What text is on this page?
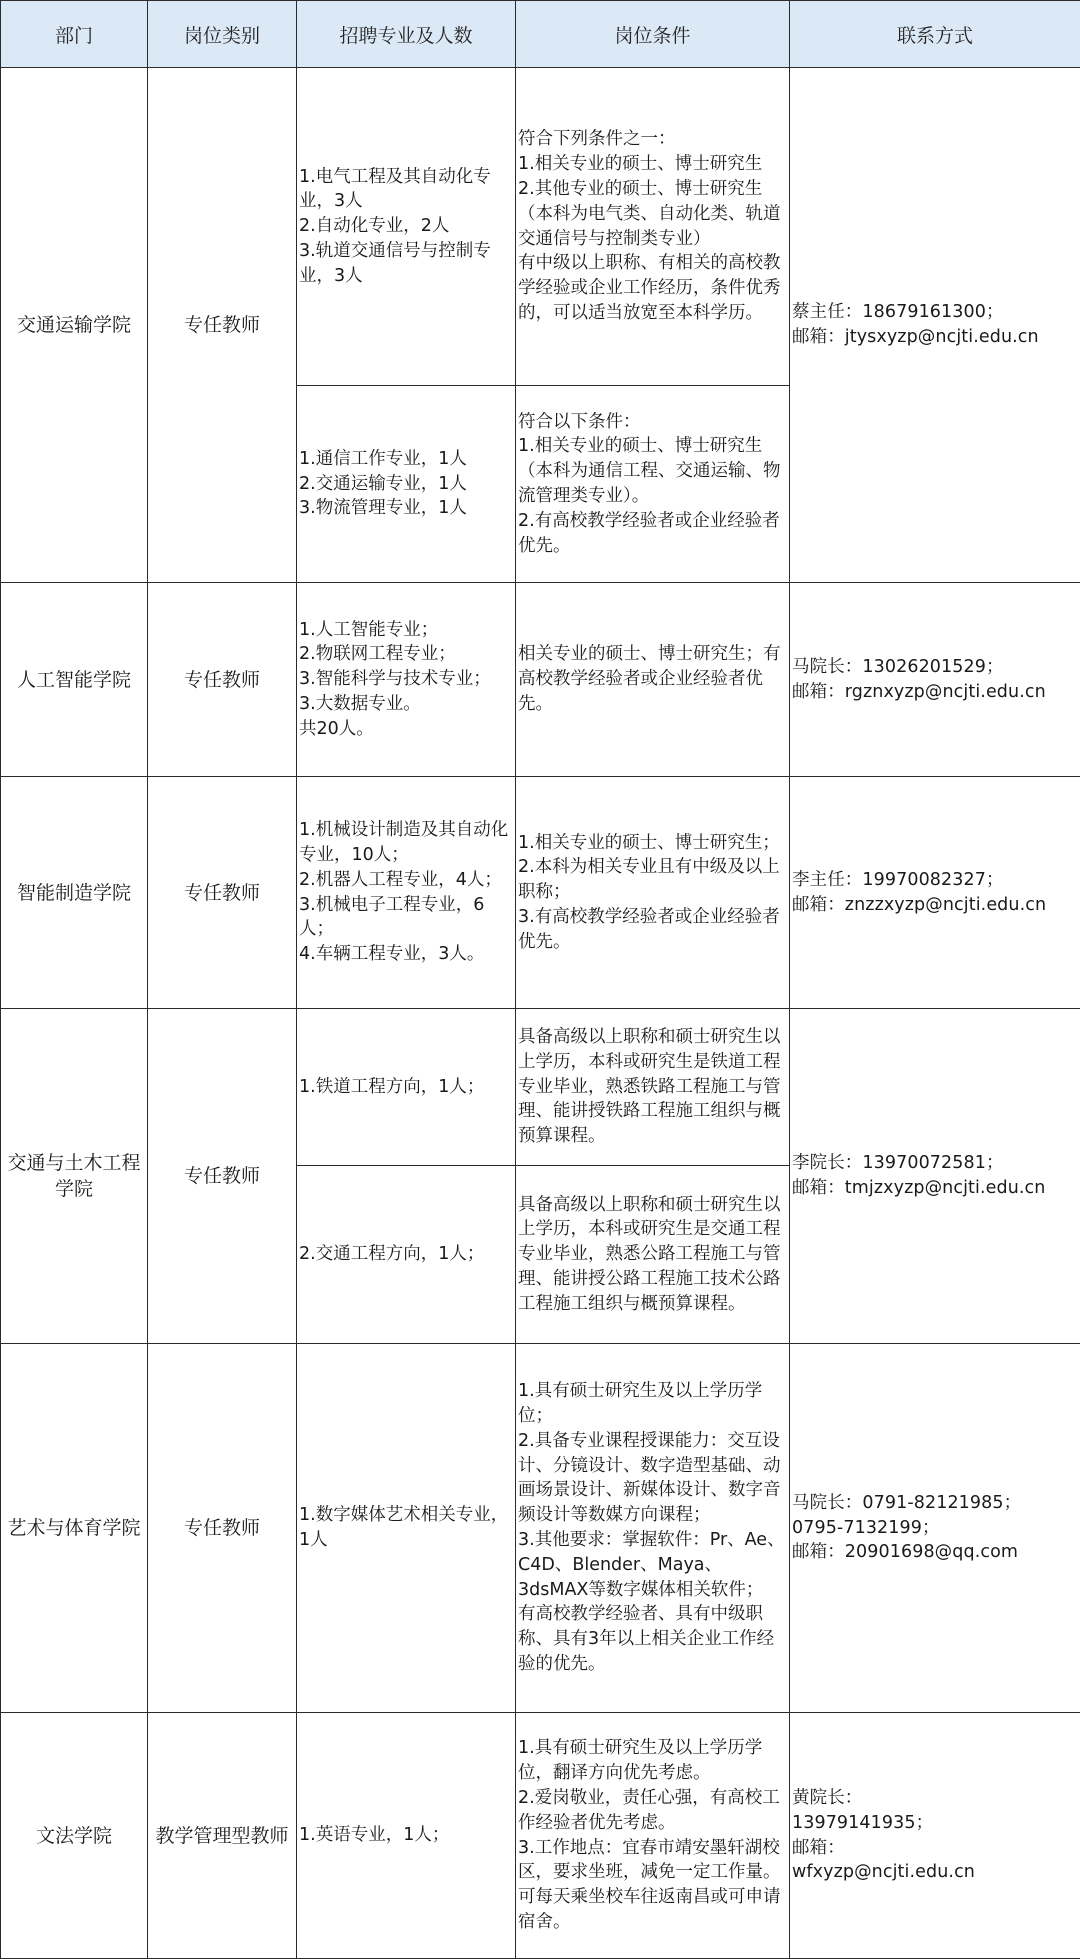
部门	岗位类别	招聘专业及人数	岗位条件	联系方式
交通运输学院	专任教师	1.电气工程及其自动化专业，3人
2.自动化专业，2人
3.轨道交通信号与控制专业，3人	符合下列条件之一：
1.相关专业的硕士、博士研究生
2.其他专业的硕士、博士研究生（本科为电气类、自动化类、轨道交通信号与控制类专业）
有中级以上职称、有相关的高校教学经验或企业工作经历，条件优秀的，可以适当放宽至本科学历。	蔡主任：18679161300；
邮箱：jtysxyzp@ncjti.edu.cn
		1.通信工作专业，1人
2.交通运输专业，1人
3.物流管理专业，1人	符合以下条件：
1.相关专业的硕士、博士研究生（本科为通信工程、交通运输、物流管理类专业）。
2.有高校教学经验者或企业经验者优先。	
人工智能学院	专任教师	1.人工智能专业；
2.物联网工程专业；
3.智能科学与技术专业；
3.大数据专业。
共20人。	相关专业的硕士、博士研究生；有高校教学经验者或企业经验者优先。	马院长：13026201529；
邮箱：rgznxyzp@ncjti.edu.cn
智能制造学院	专任教师	1.机械设计制造及其自动化专业，10人；
2.机器人工程专业，4人；
3.机械电子工程专业，6人；
4.车辆工程专业，3人。	1.相关专业的硕士、博士研究生；
2.本科为相关专业且有中级及以上职称；
3.有高校教学经验者或企业经验者优先。	李主任：19970082327；
邮箱：znzzxyzp@ncjti.edu.cn
交通与土木工程学院	专任教师	1.铁道工程方向，1人；	具备高级以上职称和硕士研究生以上学历，本科或研究生是铁道工程专业毕业，熟悉铁路工程施工与管理、能讲授铁路工程施工组织与概预算课程。	李院长：13970072581；
邮箱：tmjzxyzp@ncjti.edu.cn
		2.交通工程方向，1人；	具备高级以上职称和硕士研究生以上学历，本科或研究生是交通工程专业毕业，熟悉公路工程施工与管理、能讲授公路工程施工技术公路工程施工组织与概预算课程。	
艺术与体育学院	专任教师	1.数字媒体艺术相关专业，1人	1.具有硕士研究生及以上学历学位；
2.具备专业课程授课能力：交互设计、分镜设计、数字造型基础、动画场景设计、新媒体设计、数字音频设计等数媒方向课程；
3.其他要求：掌握软件：Pr、Ae、C4D、Blender、Maya、3dsMAX等数字媒体相关软件；
有高校教学经验者、具有中级职称、具有3年以上相关企业工作经验的优先。	马院长：0791-82121985；
0795-7132199；
邮箱：20901698@qq.com
文法学院	教学管理型教师	1.英语专业，1人；	1.具有硕士研究生及以上学历学位，翻译方向优先考虑。
2.爱岗敬业，责任心强，有高校工作经验者优先考虑。
3.工作地点：宜春市靖安墨轩湖校区，要求坐班，减免一定工作量。可每天乘坐校车往返南昌或可申请宿舍。	黄院长：
13979141935；
邮箱：
wfxyzp@ncjti.edu.cn
